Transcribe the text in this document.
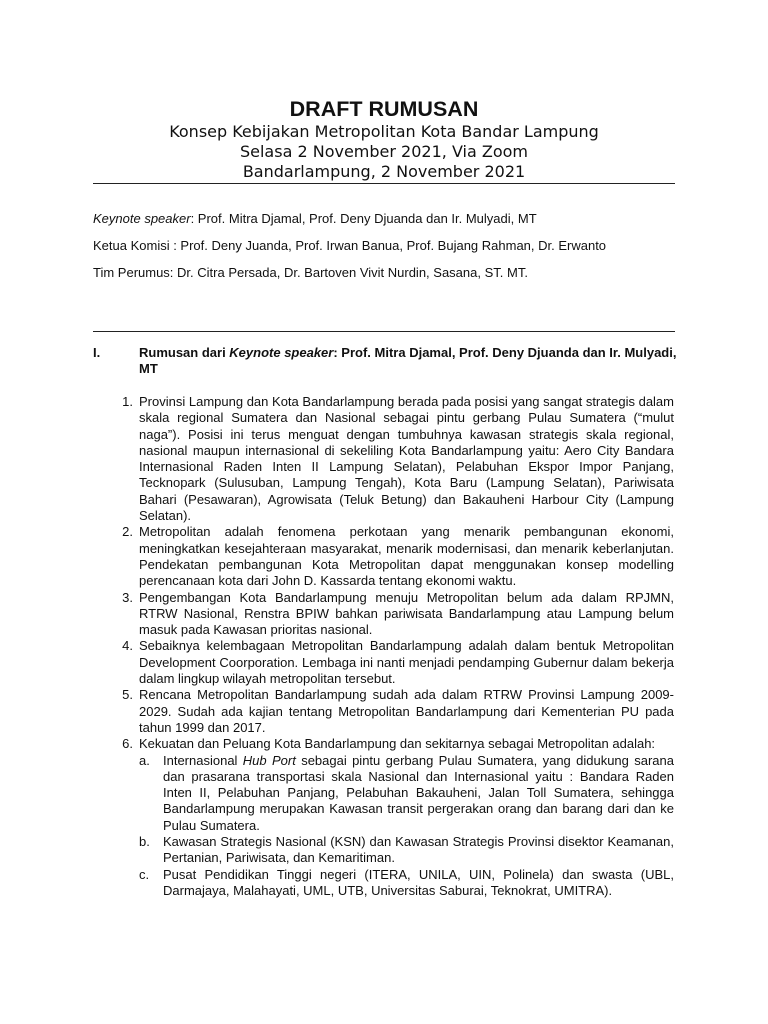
DRAFT RUMUSAN
Konsep Kebijakan Metropolitan Kota Bandar Lampung
Selasa 2 November 2021, Via Zoom
Bandarlampung, 2 November 2021
Keynote speaker: Prof. Mitra Djamal, Prof. Deny Djuanda dan Ir. Mulyadi, MT
Ketua Komisi : Prof. Deny Juanda, Prof. Irwan Banua, Prof. Bujang Rahman, Dr. Erwanto
Tim Perumus: Dr. Citra Persada, Dr. Bartoven Vivit Nurdin, Sasana, ST. MT.
I.	Rumusan dari Keynote speaker: Prof. Mitra Djamal, Prof. Deny Djuanda dan Ir. Mulyadi, MT
1. Provinsi Lampung dan Kota Bandarlampung berada pada posisi yang sangat strategis dalam skala regional Sumatera dan Nasional sebagai pintu gerbang Pulau Sumatera (“mulut naga”). Posisi ini terus menguat dengan tumbuhnya kawasan strategis skala regional, nasional maupun internasional di sekeliling Kota Bandarlampung yaitu: Aero City Bandara Internasional Raden Inten II Lampung Selatan), Pelabuhan Ekspor Impor Panjang, Tecknopark (Sulusuban, Lampung Tengah), Kota Baru (Lampung Selatan), Pariwisata Bahari (Pesawaran), Agrowisata (Teluk Betung) dan Bakauheni Harbour City (Lampung Selatan).
2. Metropolitan adalah fenomena perkotaan yang menarik pembangunan ekonomi, meningkatkan kesejahteraan masyarakat, menarik modernisasi, dan menarik keberlanjutan. Pendekatan pembangunan Kota Metropolitan dapat menggunakan konsep modelling perencanaan kota dari John D. Kassarda tentang ekonomi waktu.
3. Pengembangan Kota Bandarlampung menuju Metropolitan belum ada dalam RPJMN, RTRW Nasional, Renstra BPIW bahkan pariwisata Bandarlampung atau Lampung belum masuk pada Kawasan prioritas nasional.
4. Sebaiknya kelembagaan Metropolitan Bandarlampung adalah dalam bentuk Metropolitan Development Coorporation. Lembaga ini nanti menjadi pendamping Gubernur dalam bekerja dalam lingkup wilayah metropolitan tersebut.
5. Rencana Metropolitan Bandarlampung sudah ada dalam RTRW Provinsi Lampung 2009-2029. Sudah ada kajian tentang Metropolitan Bandarlampung dari Kementerian PU pada tahun 1999 dan 2017.
6. Kekuatan dan Peluang Kota Bandarlampung dan sekitarnya sebagai Metropolitan adalah:
a. Internasional Hub Port sebagai pintu gerbang Pulau Sumatera, yang didukung sarana dan prasarana transportasi skala Nasional dan Internasional yaitu : Bandara Raden Inten II, Pelabuhan Panjang, Pelabuhan Bakauheni, Jalan Toll Sumatera, sehingga Bandarlampung merupakan Kawasan transit pergerakan orang dan barang dari dan ke Pulau Sumatera.
b. Kawasan Strategis Nasional (KSN) dan Kawasan Strategis Provinsi disektor Keamanan, Pertanian, Pariwisata, dan Kemaritiman.
c. Pusat Pendidikan Tinggi negeri (ITERA, UNILA, UIN, Polinela) dan swasta (UBL, Darmajaya, Malahayati, UML, UTB, Universitas Saburai, Teknokrat, UMITRA).
